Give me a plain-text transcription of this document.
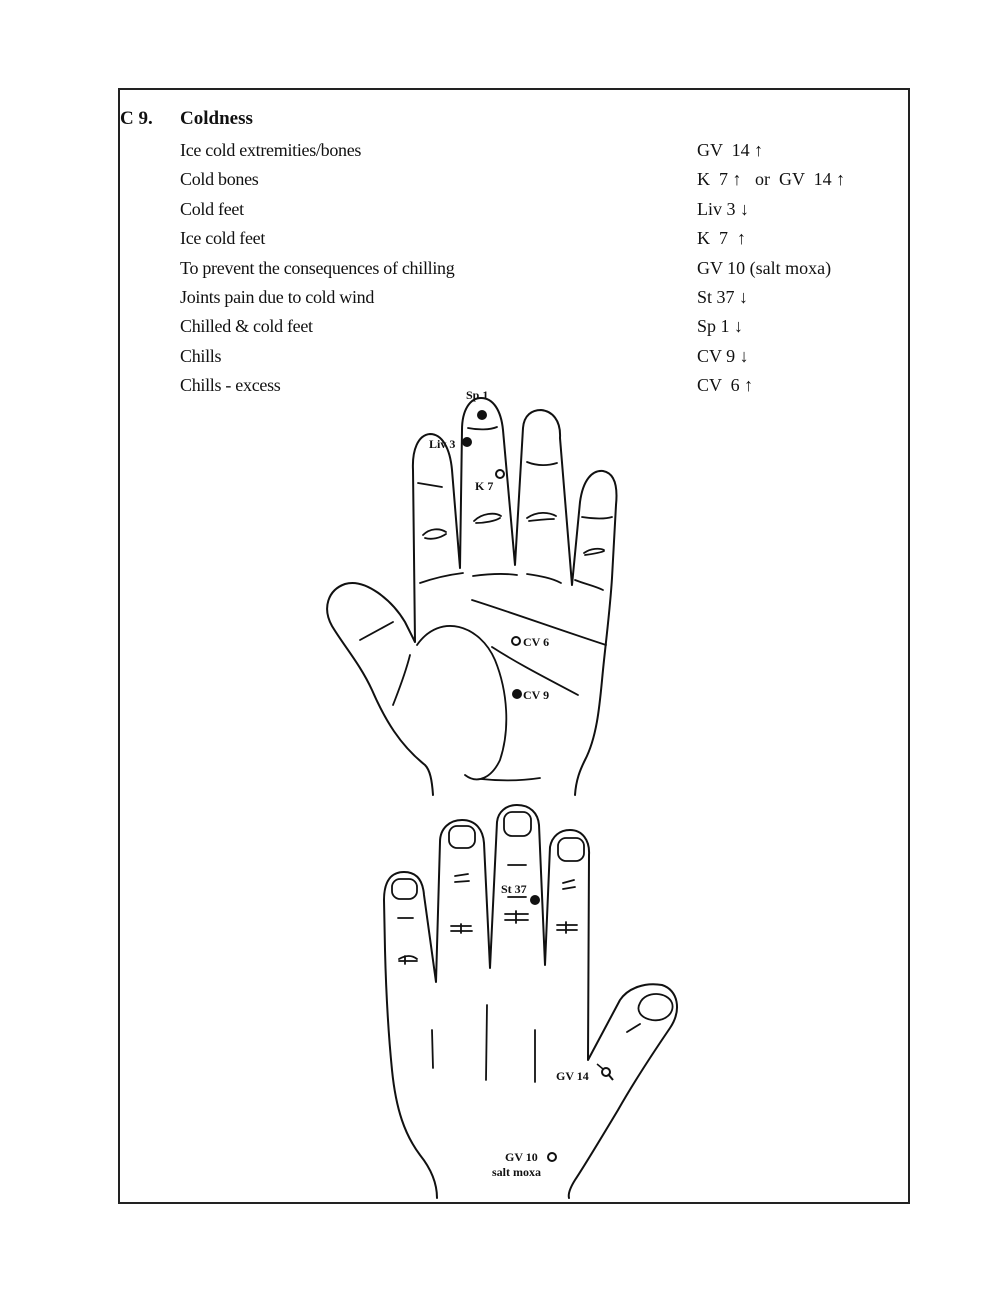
C 9. Coldness
Ice cold extremities/bones	GV  14 ↑
Cold bones	K  7 ↑   or  GV  14 ↑
Cold feet	Liv 3 ↓
Ice cold feet	K  7  ↑
To prevent the consequences of chilling	GV 10 (salt moxa)
Joints pain due to cold wind	St 37 ↓
Chilled & cold feet	Sp 1 ↓
Chills	CV 9 ↓
Chills - excess	CV  6 ↑
Sp 1
Liv 3
K 7
CV 6
CV 9
St 37
GV 14
GV 10
salt moxa
